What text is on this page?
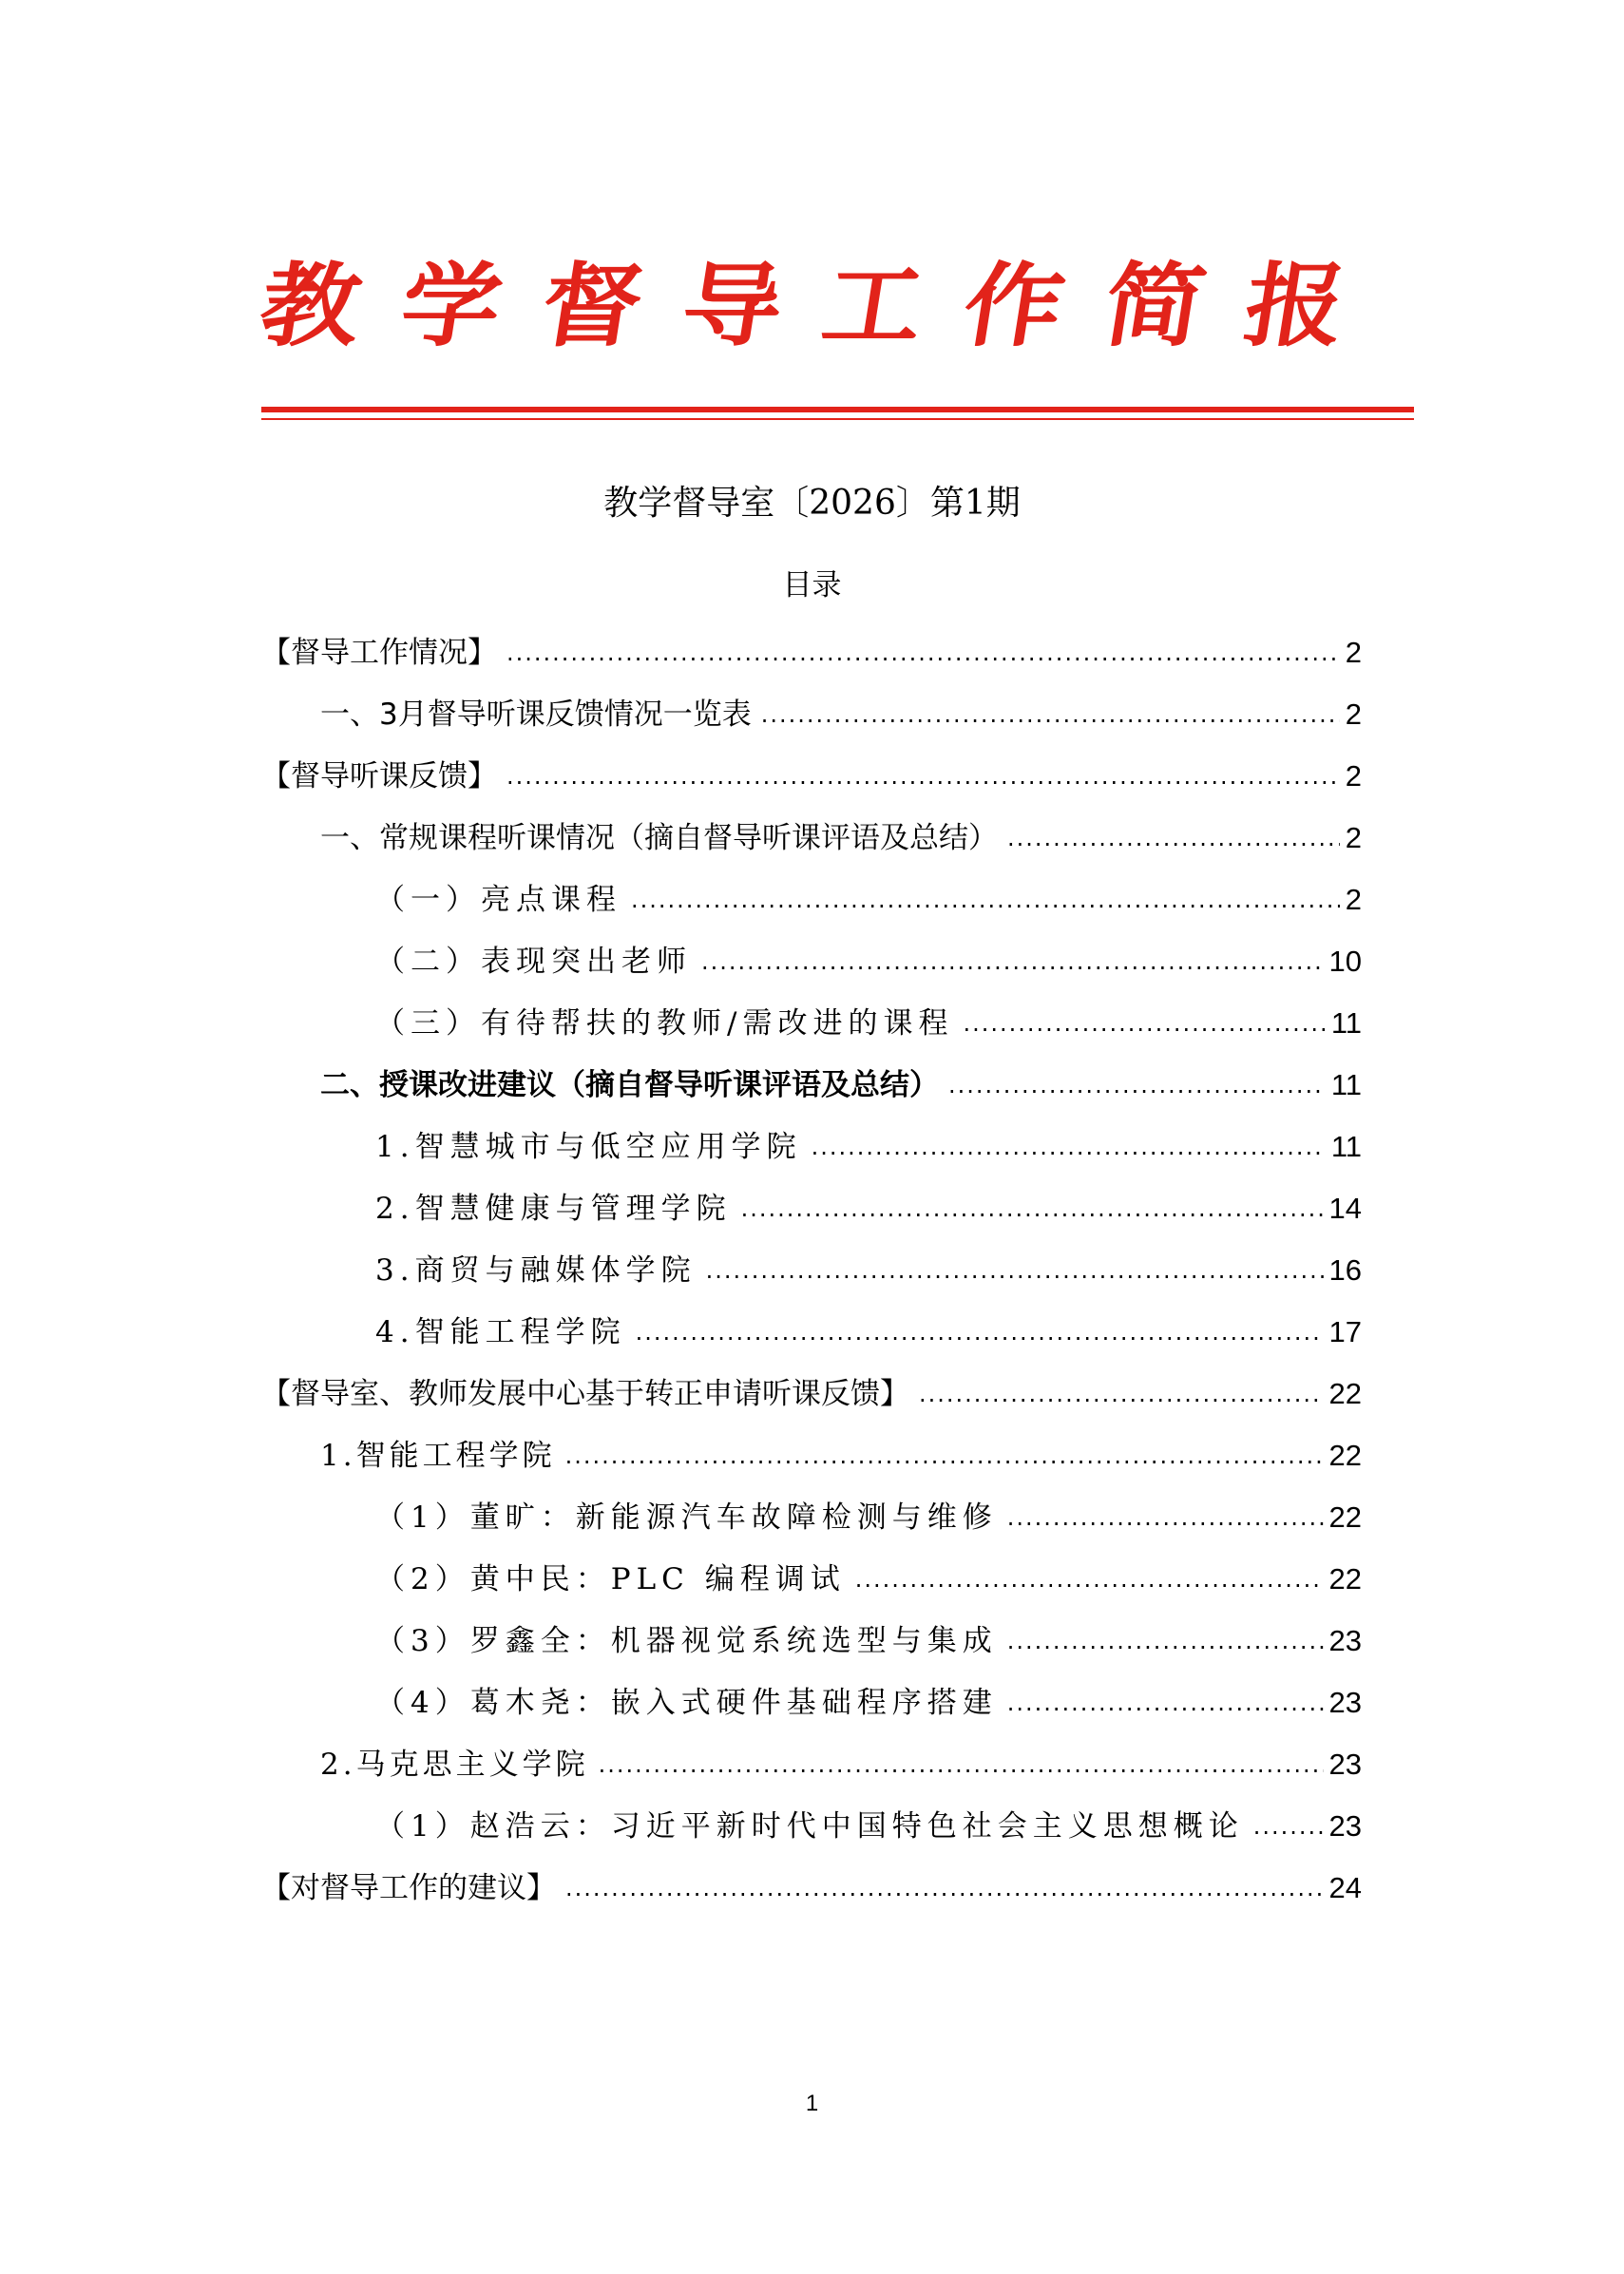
教 学 督 导 工 作 简 报
教学督导室〔2026〕第1期
目录
【督导工作情况】 .....	2
一、3月督导听课反馈情况一览表 .....	2
【督导听课反馈】 .....	2
一、常规课程听课情况（摘自督导听课评语及总结） .....	2
（一）亮点课程 .....	2
（二）表现突出老师 .....	10
（三）有待帮扶的教师/需改进的课程 .....	11
二、授课改进建议（摘自督导听课评语及总结） .....	11
1.智慧城市与低空应用学院 .....	11
2.智慧健康与管理学院 .....	14
3.商贸与融媒体学院 .....	16
4.智能工程学院 .....	17
【督导室、教师发展中心基于转正申请听课反馈】 .....	22
1.智能工程学院 .....	22
（1）董旷：新能源汽车故障检测与维修 .....	22
（2）黄中民：PLC 编程调试 .....	22
（3）罗鑫全：机器视觉系统选型与集成 .....	23
（4）葛木尧：嵌入式硬件基础程序搭建 .....	23
2.马克思主义学院 .....	23
（1）赵浩云：习近平新时代中国特色社会主义思想概论 .....	23
【对督导工作的建议】 .....	24
1
